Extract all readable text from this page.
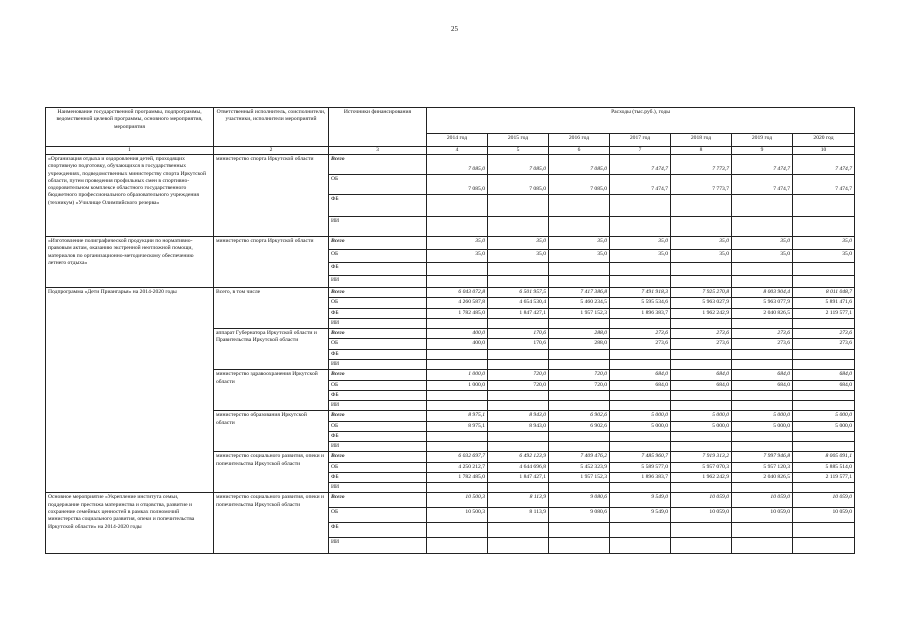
25
Наименование государственной программы, подпрограммы, ведомственной целевой программы, основного мероприятия, мероприятия	Ответственный исполнитель, соисполнители, участники, исполнители мероприятий	Источники финансирования	Расходы (тыс.руб.), годы						
			2014 год	2015 год	2016 год	2017 год	2018 год	2019 год	2020 год
1	2	3	4	5	6	7	8	9	10
«Организация отдыха и оздоровления детей, проходящих спортивную подготовку, обучающихся в государственных учреждениях, подведомственных министерству спорта Иркутской области, путем проведения профильных смен в спортивно-оздоровительном комплексе областного государственного бюджетного профессионального образовательного учреждения (техникум) «Училище Олимпийского резерва»	министерство спорта Иркутской области	Всего	7 085,0	7 085,0	7 085,0	7 474,7	7 773,7	7 474,7	7 474,7
		ОБ	7 085,0	7 085,0	7 085,0	7 474,7	7 773,7	7 474,7	7 474,7
		ФБ							
		ИИ							
«Изготовление полиграфической продукции по нормативно-правовым актам, оказанию экстренной неотложной помощи, материалов по организационно-методическому обеспечению летнего отдыха»	министерство спорта Иркутской области	Всего	35,0	35,0	35,0	35,0	35,0	35,0	35,0
		ОБ	35,0	35,0	35,0	35,0	35,0	35,0	35,0
		ФБ							
		ИИ							
Подпрограмма «Дети Приангарья» на 2014-2020 годы	Всего, в том числе	Всего	6 043 072,8	6 501 957,5	7 417 386,8	7 491 918,3	7 925 270,8	8 003 904,4	8 011 048,7
		ОБ	4 260 587,8	4 654 530,4	5 460 234,5	5 595 534,6	5 963 027,9	5 963 077,9	5 891 471,6
		ФБ	1 782 485,0	1 847 427,1	1 957 152,3	1 896 383,7	1 962 242,9	2 040 826,5	2 119 577,1
		ИИ							
	аппарат Губернатора Иркутской области и Правительства Иркутской области	Всего	400,0	170,6	288,0	273,6	273,6	273,6	273,6
		ОБ	400,0	170,6	288,0	273,6	273,6	273,6	273,6
		ФБ							
		ИИ							
	министерство здравоохранения Иркутской области	Всего	1 000,0	720,0	720,0	684,0	684,0	684,0	684,0
		ОБ	1 000,0	720,0	720,0	684,0	684,0	684,0	684,0
		ФБ							
		ИИ							
	министерство образования Иркутской области	Всего	8 975,1	8 943,0	6 902,6	5 000,0	5 000,0	5 000,0	5 000,0
		ОБ	8 975,1	8 943,0	6 902,6	5 000,0	5 000,0	5 000,0	5 000,0
		ФБ							
		ИИ							
	министерство социального развития, опеки и попечительства Иркутской области	Всего	6 032 697,7	6 492 123,9	7 409 476,2	7 485 960,7	7 919 313,2	7 997 946,8	8 005 091,1
		ОБ	4 250 212,7	4 644 696,8	5 452 323,9	5 589 577,0	5 957 070,3	5 957 120,3	5 885 514,0
		ФБ	1 782 485,0	1 847 427,1	1 957 152,3	1 896 383,7	1 962 242,9	2 040 826,5	2 119 577,1
		ИИ							
Основное мероприятие «Укрепление института семьи, поддержание престижа материнства и отцовства, развитие и сохранение семейных ценностей в рамках полномочий министерства социального развития, опеки и попечительства Иркутской области» на 2014-2020 годы	министерство социального развития, опеки и попечительства Иркутской области	Всего	10 500,3	8 113,9	9 080,6	9 549,0	10 059,0	10 059,0	10 059,0
		ОБ	10 500,3	8 113,9	9 080,6	9 549,0	10 059,0	10 059,0	10 059,0
		ФБ							
		ИИ							
